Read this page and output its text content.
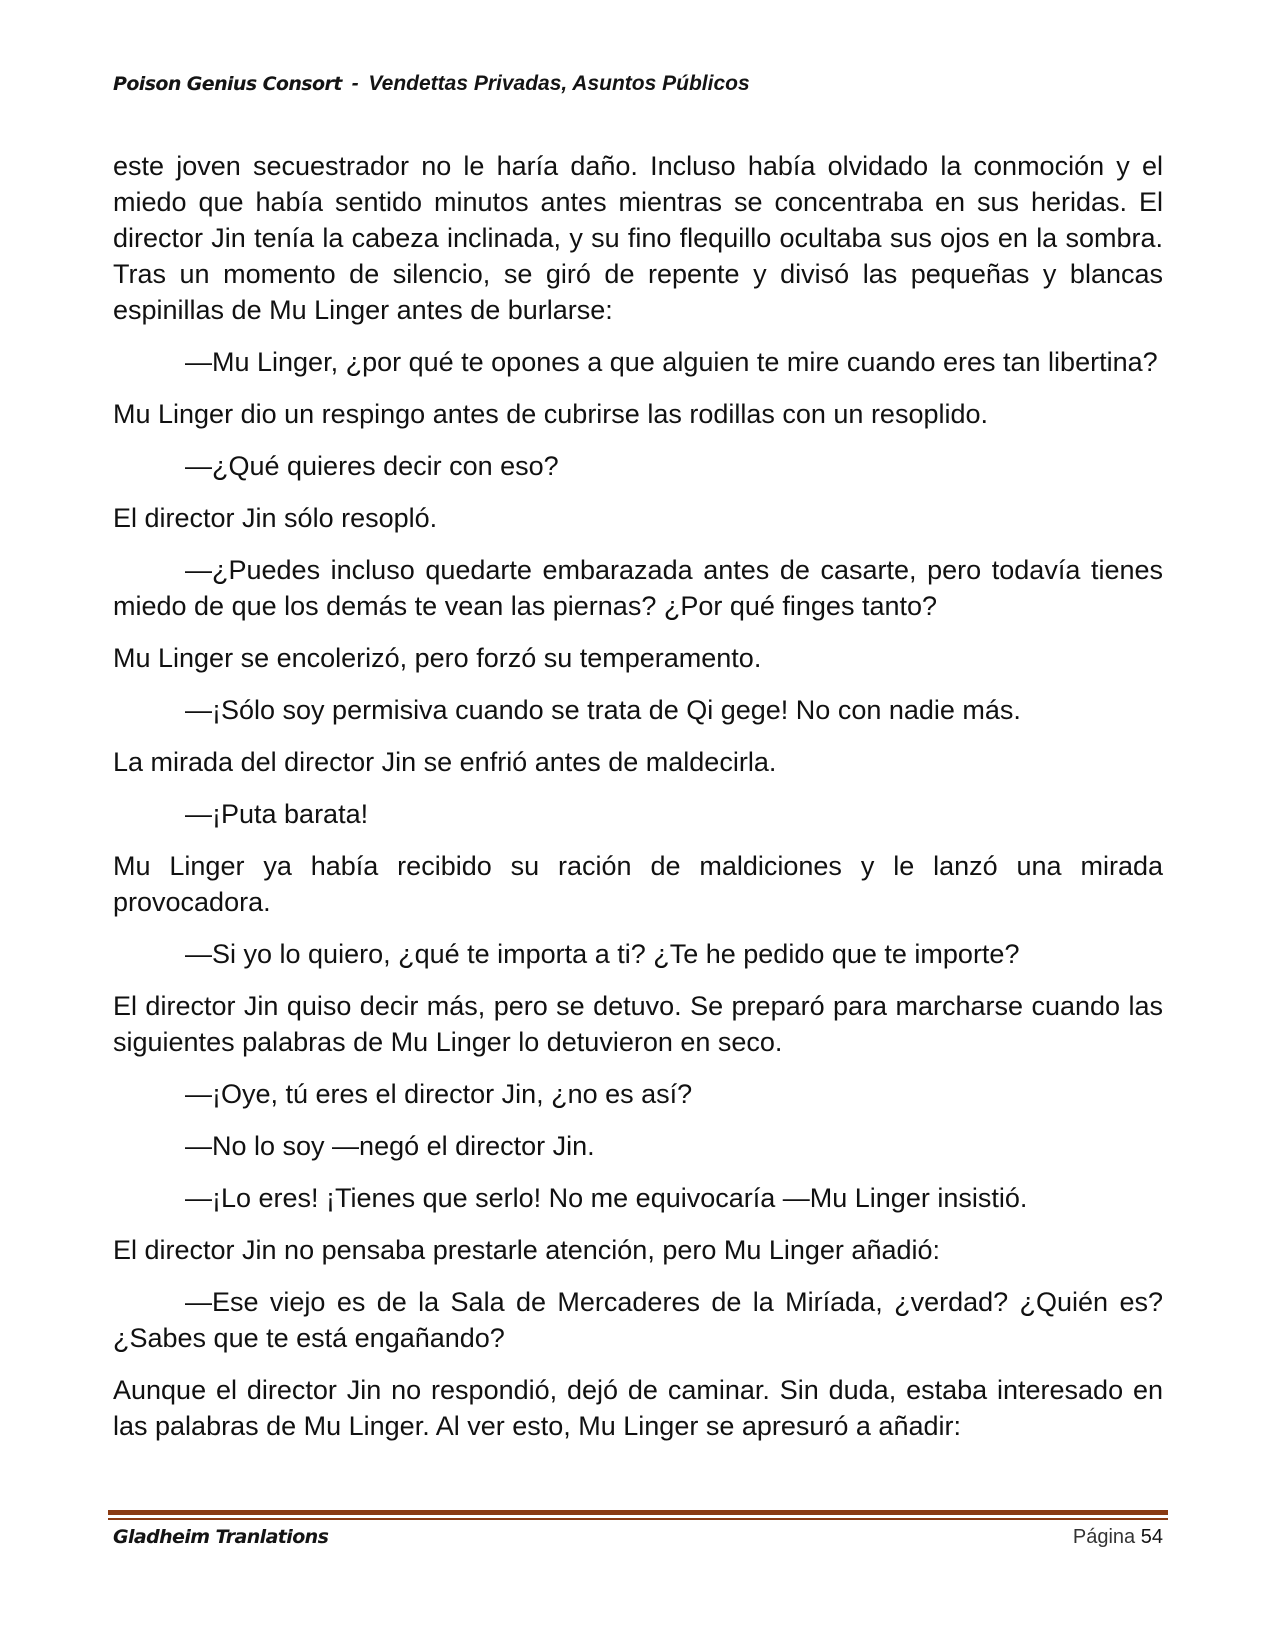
Poison Genius Consort - Vendettas Privadas, Asuntos Públicos

este joven secuestrador no le haría daño. Incluso había olvidado la conmoción y el miedo que había sentido minutos antes mientras se concentraba en sus heridas. El director Jin tenía la cabeza inclinada, y su fino flequillo ocultaba sus ojos en la sombra. Tras un momento de silencio, se giró de repente y divisó las pequeñas y blancas espinillas de Mu Linger antes de burlarse:

—Mu Linger, ¿por qué te opones a que alguien te mire cuando eres tan libertina?

Mu Linger dio un respingo antes de cubrirse las rodillas con un resoplido.

—¿Qué quieres decir con eso?

El director Jin sólo resopló.

—¿Puedes incluso quedarte embarazada antes de casarte, pero todavía tienes miedo de que los demás te vean las piernas? ¿Por qué finges tanto?

Mu Linger se encolerizó, pero forzó su temperamento.

—¡Sólo soy permisiva cuando se trata de Qi gege! No con nadie más.

La mirada del director Jin se enfrió antes de maldecirla.

—¡Puta barata!

Mu Linger ya había recibido su ración de maldiciones y le lanzó una mirada provocadora.

—Si yo lo quiero, ¿qué te importa a ti? ¿Te he pedido que te importe?

El director Jin quiso decir más, pero se detuvo. Se preparó para marcharse cuando las siguientes palabras de Mu Linger lo detuvieron en seco.

—¡Oye, tú eres el director Jin, ¿no es así?

—No lo soy —negó el director Jin.

—¡Lo eres! ¡Tienes que serlo! No me equivocaría —Mu Linger insistió.

El director Jin no pensaba prestarle atención, pero Mu Linger añadió:

—Ese viejo es de la Sala de Mercaderes de la Miríada, ¿verdad? ¿Quién es? ¿Sabes que te está engañando?

Aunque el director Jin no respondió, dejó de caminar. Sin duda, estaba interesado en las palabras de Mu Linger. Al ver esto, Mu Linger se apresuró a añadir:

Gladheim Tranlations	Página 54
